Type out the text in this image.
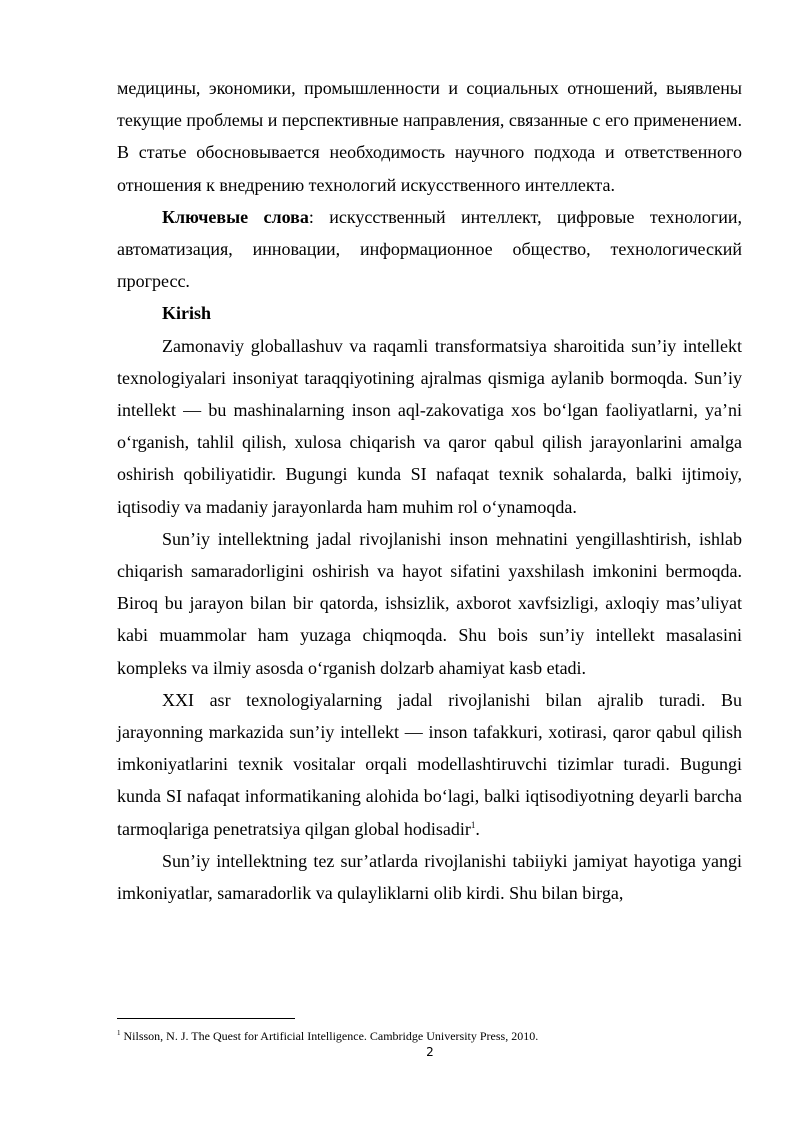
медицины, экономики, промышленности и социальных отношений, выявлены текущие проблемы и перспективные направления, связанные с его применением. В статье обосновывается необходимость научного подхода и ответственного отношения к внедрению технологий искусственного интеллекта.

Ключевые слова: искусственный интеллект, цифровые технологии, автоматизация, инновации, информационное общество, технологический прогресс.

Kirish

Zamonaviy globallashuv va raqamli transformatsiya sharoitida sun’iy intellekt texnologiyalari insoniyat taraqqiyotining ajralmas qismiga aylanib bormoqda. Sun’iy intellekt — bu mashinalarning inson aql-zakovatiga xos bo‘lgan faoliyatlarni, ya’ni o‘rganish, tahlil qilish, xulosa chiqarish va qaror qabul qilish jarayonlarini amalga oshirish qobiliyatidir. Bugungi kunda SI nafaqat texnik sohalarda, balki ijtimoiy, iqtisodiy va madaniy jarayonlarda ham muhim rol o‘ynamoqda.

Sun’iy intellektning jadal rivojlanishi inson mehnatini yengillashtirish, ishlab chiqarish samaradorligini oshirish va hayot sifatini yaxshilash imkonini bermoqda. Biroq bu jarayon bilan bir qatorda, ishsizlik, axborot xavfsizligi, axloqiy mas’uliyat kabi muammolar ham yuzaga chiqmoqda. Shu bois sun’iy intellekt masalasini kompleks va ilmiy asosda o‘rganish dolzarb ahamiyat kasb etadi.

XXI asr texnologiyalarning jadal rivojlanishi bilan ajralib turadi. Bu jarayonning markazida sun’iy intellekt — inson tafakkuri, xotirasi, qaror qabul qilish imkoniyatlarini texnik vositalar orqali modellashtiruvchi tizimlar turadi. Bugungi kunda SI nafaqat informatikaning alohida bo‘lagi, balki iqtisodiyotning deyarli barcha tarmoqlariga penetratsiya qilgan global hodisadir$^1$.

Sun’iy intellektning tez sur’atlarda rivojlanishi tabiiyki jamiyat hayotiga yangi imkoniyatlar, samaradorlik va qulayliklarni olib kirdi. Shu bilan birga,

$^1$ Nilsson, N. J. The Quest for Artificial Intelligence. Cambridge University Press, 2010.

2
